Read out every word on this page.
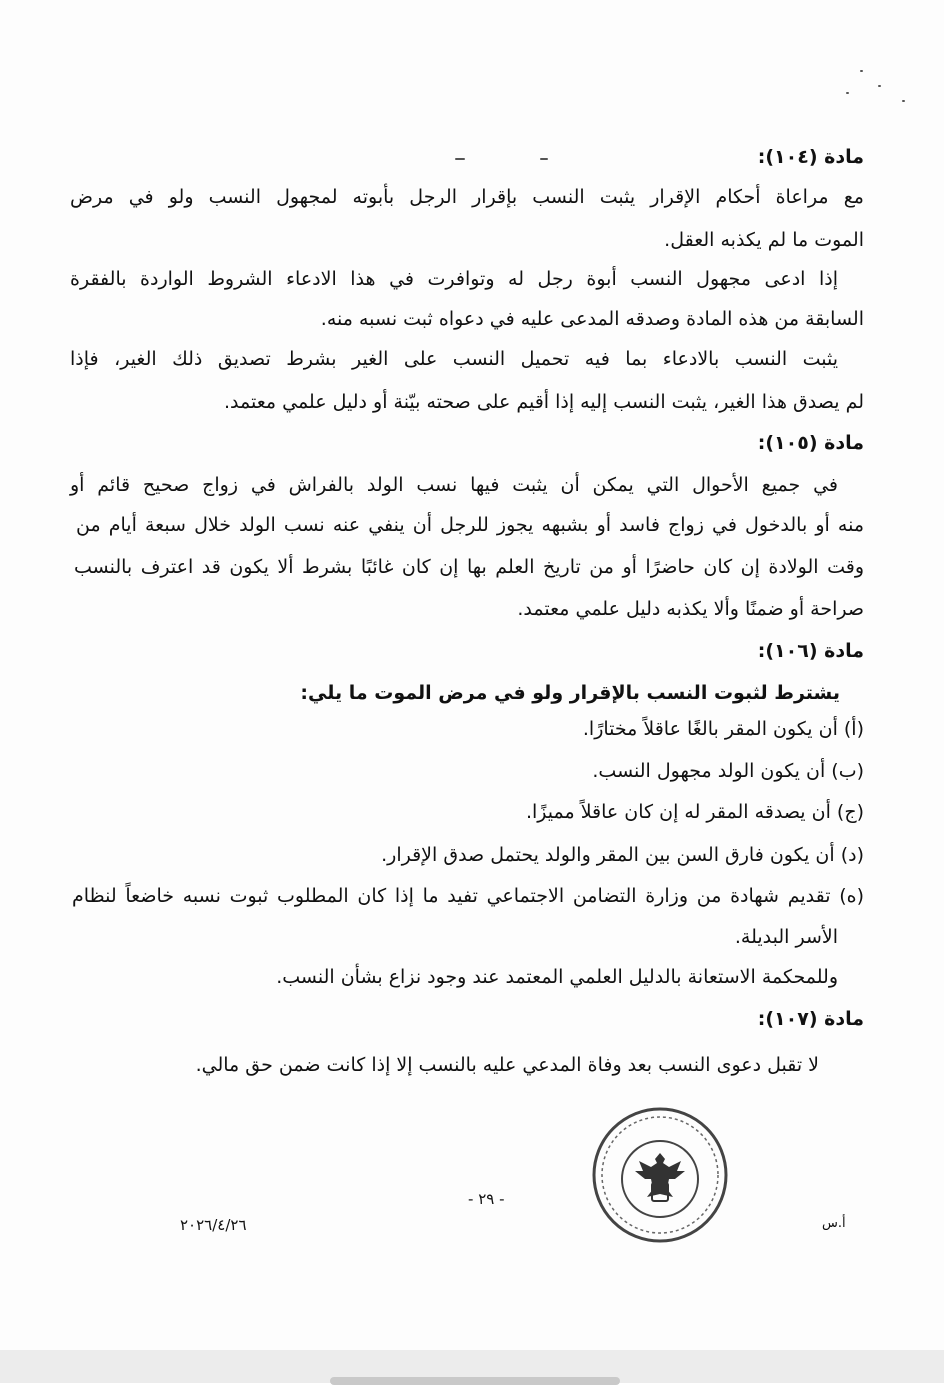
مادة (١٠٤):
مع مراعاة أحكام الإقرار يثبت النسب بإقرار الرجل بأبوته لمجهول النسب ولو في مرض
الموت ما لم يكذبه العقل.
إذا ادعى مجهول النسب أبوة رجل له وتوافرت في هذا الادعاء الشروط الواردة بالفقرة
السابقة من هذه المادة وصدقه المدعى عليه في دعواه ثبت نسبه منه.
يثبت النسب بالادعاء بما فيه تحميل النسب على الغير بشرط تصديق ذلك الغير، فإذا
لم يصدق هذا الغير، يثبت النسب إليه إذا أقيم على صحته بيّنة أو دليل علمي معتمد.
مادة (١٠٥):
في جميع الأحوال التي يمكن أن يثبت فيها نسب الولد بالفراش في زواج صحيح قائم أو
منه أو بالدخول في زواج فاسد أو بشبهه يجوز للرجل أن ينفي عنه نسب الولد خلال سبعة أيام من
وقت الولادة إن كان حاضرًا أو من تاريخ العلم بها إن كان غائبًا بشرط ألا يكون قد اعترف بالنسب
صراحة أو ضمنًا وألا يكذبه دليل علمي معتمد.
مادة (١٠٦):
يشترط لثبوت النسب بالإقرار ولو في مرض الموت ما يلي:
(أ) أن يكون المقر بالغًا عاقلاً مختارًا.
(ب) أن يكون الولد مجهول النسب.
(ج) أن يصدقه المقر له إن كان عاقلاً مميزًا.
(د) أن يكون فارق السن بين المقر والولد يحتمل صدق الإقرار.
(ه) تقديم شهادة من وزارة التضامن الاجتماعي تفيد ما إذا كان المطلوب ثبوت نسبه خاضعاً لنظام
الأسر البديلة.
وللمحكمة الاستعانة بالدليل العلمي المعتمد عند وجود نزاع بشأن النسب.
مادة (١٠٧):
لا تقبل دعوى النسب بعد وفاة المدعي عليه بالنسب إلا إذا كانت ضمن حق مالي.
- ٢٩ -
٢٠٢٦/٤/٢٦	أ.س
